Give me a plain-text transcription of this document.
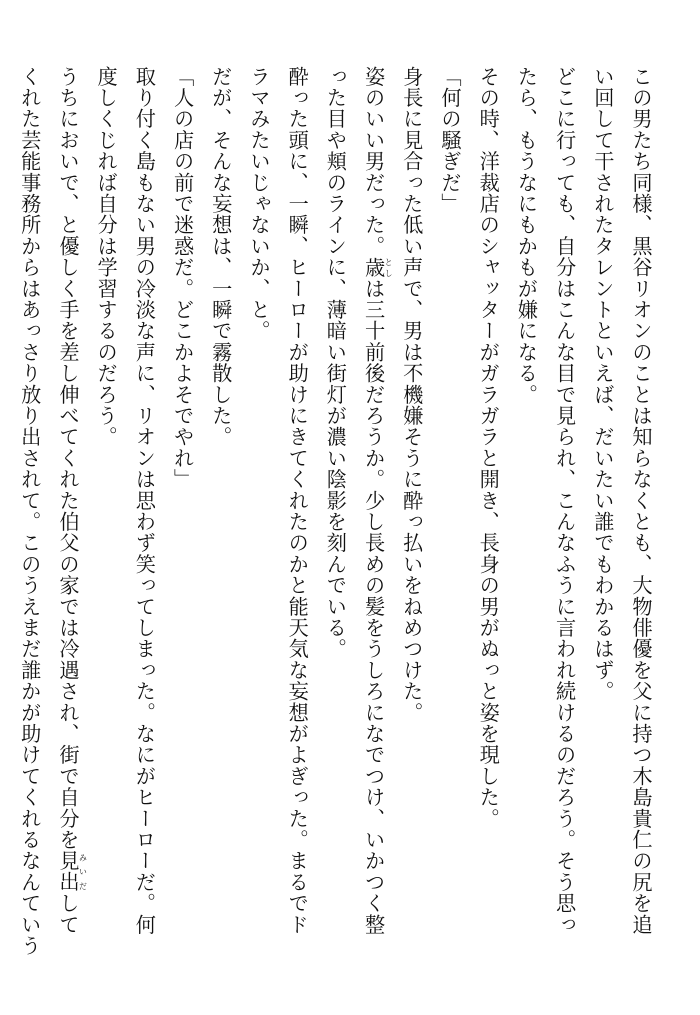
この男たち同様、黒谷リオンのことは知らなくとも、大物俳優を父に持つ木島貴仁の尻を追
い回して干されたタレントといえば、だいたい誰でもわかるはず。
どこに行っても、自分はこんな目で見られ、こんなふうに言われ続けるのだろう。そう思っ
たら、もうなにもかもが嫌になる。
その時、洋裁店のシャッターがガラガラと開き、長身の男がぬっと姿を現した。
「何の騒ぎだ」
身長に見合った低い声で、男は不機嫌そうに酔っ払いをねめつけた。
姿のいい男だった。歳としは三十前後だろうか。少し長めの髪をうしろになでつけ、いかつく整
った目や頬のラインに、薄暗い街灯が濃い陰影を刻んでいる。
酔った頭に、一瞬、ヒーローが助けにきてくれたのかと能天気な妄想がよぎった。まるでド
ラマみたいじゃないか、と。
だが、そんな妄想は、一瞬で霧散した。
「人の店の前で迷惑だ。どこかよそでやれ」
取り付く島もない男の冷淡な声に、リオンは思わず笑ってしまった。なにがヒーローだ。何
度しくじれば自分は学習するのだろう。
うちにおいで、と優しく手を差し伸べてくれた伯父の家では冷遇され、街で自分を見出みいだして
くれた芸能事務所からはあっさり放り出されて。このうえまだ誰かが助けてくれるなんていう
